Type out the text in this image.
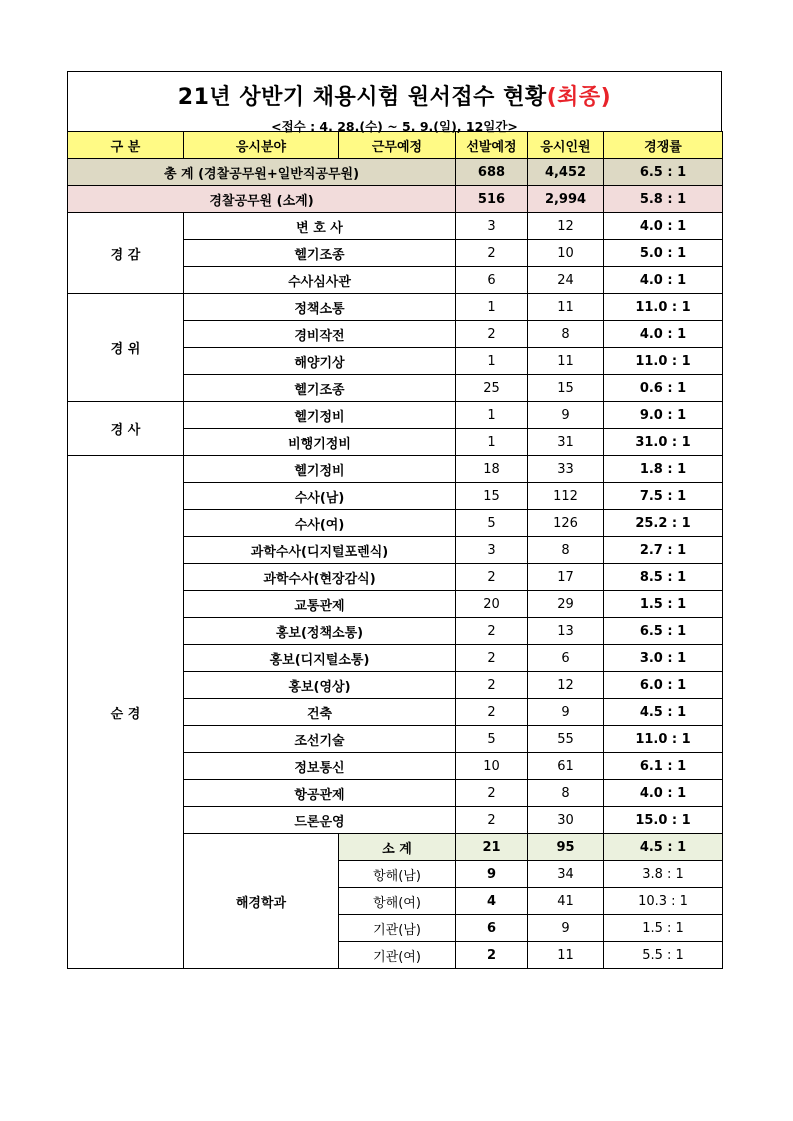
21년 상반기 채용시험 원서접수 현황(최종)
<접수 : 4. 28.(수) ~ 5. 9.(일), 12일간>
구 분	응시분야	근무예정	선발예정	응시인원	경쟁률
총 계 (경찰공무원+일반직공무원)			688	4,452	6.5 : 1
경찰공무원 (소계)			516	2,994	5.8 : 1
경 감	변 호 사		3	12	4.0 : 1
	헬기조종		2	10	5.0 : 1
	수사심사관		6	24	4.0 : 1
경 위	정책소통		1	11	11.0 : 1
	경비작전		2	8	4.0 : 1
	해양기상		1	11	11.0 : 1
	헬기조종		25	15	0.6 : 1
경 사	헬기정비		1	9	9.0 : 1
	비행기정비		1	31	31.0 : 1
순 경	헬기정비		18	33	1.8 : 1
	수사(남)		15	112	7.5 : 1
	수사(여)		5	126	25.2 : 1
	과학수사(디지털포렌식)		3	8	2.7 : 1
	과학수사(현장감식)		2	17	8.5 : 1
	교통관제		20	29	1.5 : 1
	홍보(정책소통)		2	13	6.5 : 1
	홍보(디지털소통)		2	6	3.0 : 1
	홍보(영상)		2	12	6.0 : 1
	건축		2	9	4.5 : 1
	조선기술		5	55	11.0 : 1
	정보통신		10	61	6.1 : 1
	항공관제		2	8	4.0 : 1
	드론운영		2	30	15.0 : 1
	해경학과	소 계	21	95	4.5 : 1
		항해(남)	9	34	3.8 : 1
		항해(여)	4	41	10.3 : 1
		기관(남)	6	9	1.5 : 1
		기관(여)	2	11	5.5 : 1
